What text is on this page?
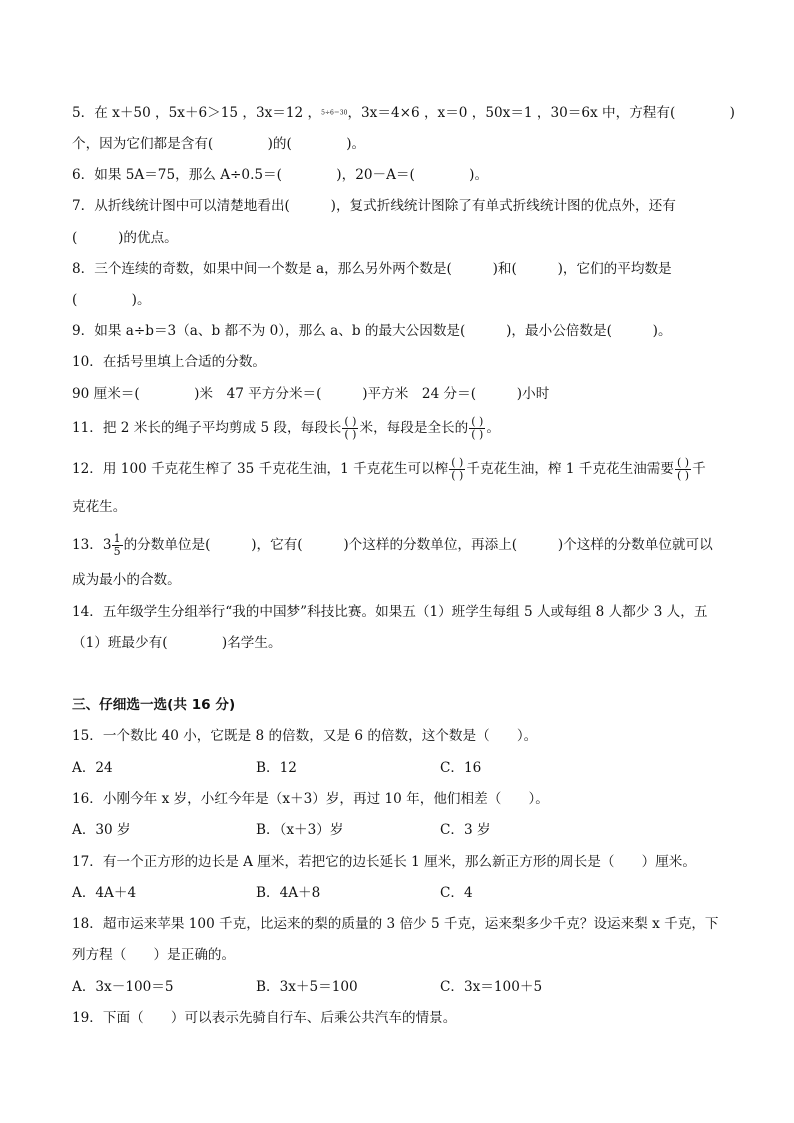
5．在 x＋50 ，5x＋6＞15 ，3x＝12 ，5÷6＝30，3x＝4×6 ，x＝0 ，50x＝1 ，30＝6x 中，方程有(　　　　)
个，因为它们都是含有(　　　　)的(　　　　)。
6．如果 5A＝75，那么 A÷0.5＝(　　　　)，20－A＝(　　　　)。
7．从折线统计图中可以清楚地看出(　　　)，复式折线统计图除了有单式折线统计图的优点外，还有
(　　　)的优点。
8．三个连续的奇数，如果中间一个数是 a，那么另外两个数是(　　　)和(　　　)，它们的平均数是
(　　　　)。
9．如果 a÷b＝3（a、b 都不为 0），那么 a、b 的最大公因数是(　　　)，最小公倍数是(　　　)。
10．在括号里填上合适的分数。
90 厘米＝(　　　　)米　47 平方分米＝(　　　)平方米　24 分＝(　　　)小时
11．把 2 米长的绳子平均剪成 5 段，每段长 $\frac{( )}{( )}$ 米，每段是全长的 $\frac{( )}{( )}$ 。
12．用 100 千克花生榨了 35 千克花生油，1 千克花生可以榨 $\frac{( )}{( )}$ 千克花生油，榨 1 千克花生油需要 $\frac{( )}{( )}$ 千
克花生。
13．$3 \frac{1}{5}$ 的分数单位是(　　　)，它有(　　　)个这样的分数单位，再添上(　　　)个这样的分数单位就可以
成为最小的合数。
14．五年级学生分组举行“我的中国梦”科技比赛。如果五（1）班学生每组 5 人或每组 8 人都少 3 人，五
（1）班最少有(　　　　)名学生。
三、仔细选一选(共 16 分)
15．一个数比 40 小，它既是 8 的倍数，又是 6 的倍数，这个数是（　　）。
A．24	B．12	C．16
16．小刚今年 x 岁，小红今年是（x＋3）岁，再过 10 年，他们相差（　　）。
A．30 岁	B．（x＋3）岁	C．3 岁
17．有一个正方形的边长是 A 厘米，若把它的边长延长 1 厘米，那么新正方形的周长是（　　）厘米。
A．4A＋4	B．4A＋8	C．4
18．超市运来苹果 100 千克，比运来的梨的质量的 3 倍少 5 千克，运来梨多少千克？设运来梨 x 千克，下
列方程（　　）是正确的。
A．3x－100＝5	B．3x＋5＝100	C．3x＝100＋5
19．下面（　　）可以表示先骑自行车、后乘公共汽车的情景。
